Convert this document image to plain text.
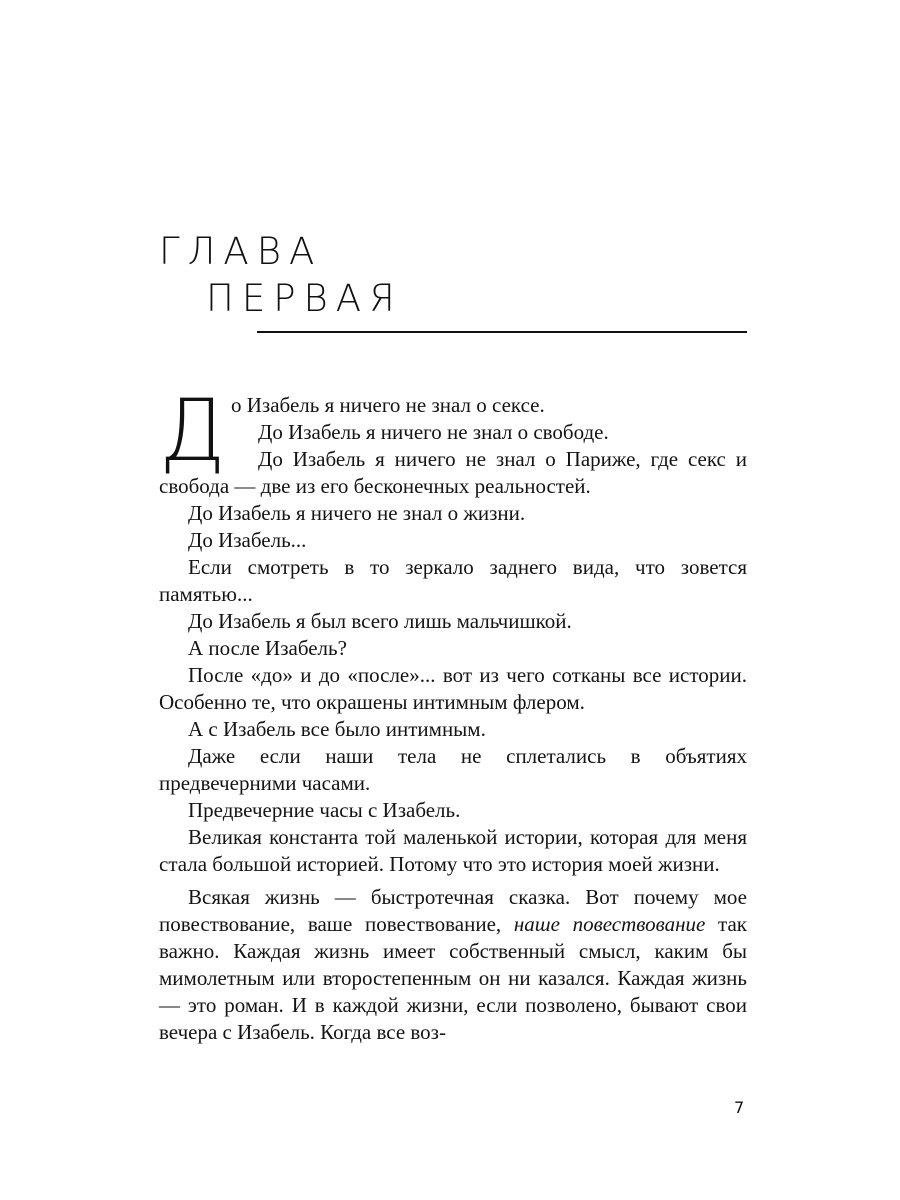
ГЛАВА
ПЕРВАЯ
Д о Изабель я ничего не знал о сексе.

До Изабель я ничего не знал о свободе.

До Изабель я ничего не знал о Париже, где секс и свобода — две из его бесконечных реальностей.

До Изабель я ничего не знал о жизни.

До Изабель...

Если смотреть в то зеркало заднего вида, что зовется памятью...

До Изабель я был всего лишь мальчишкой.

А после Изабель?

После «до» и до «после»... вот из чего сотканы все истории. Особенно те, что окрашены интимным флером.

А с Изабель все было интимным.

Даже если наши тела не сплетались в объятиях предвечерними часами.

Предвечерние часы с Изабель.

Великая константа той маленькой истории, которая для меня стала большой историей. Потому что это история моей жизни.

Всякая жизнь — быстротечная сказка. Вот почему мое повествование, ваше повествование, наше повествование так важно. Каждая жизнь имеет собственный смысл, каким бы мимолетным или второстепенным он ни казался. Каждая жизнь — это роман. И в каждой жизни, если позволено, бывают свои вечера с Изабель. Когда все воз-

7
